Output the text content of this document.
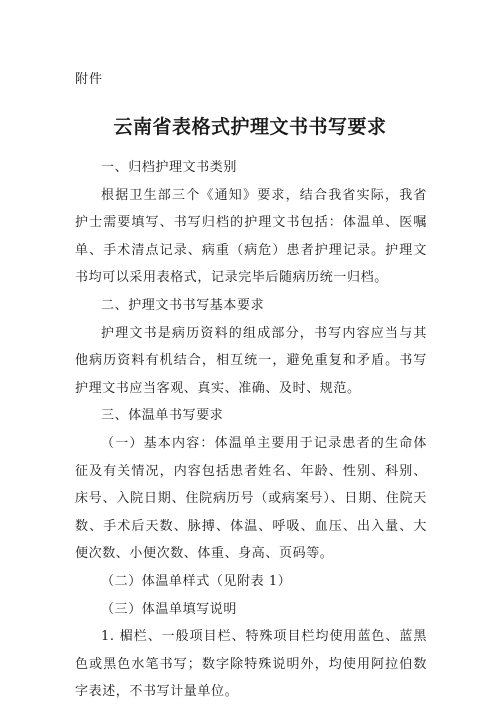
附件
云南省表格式护理文书书写要求

一、归档护理文书类别

根据卫生部三个《通知》要求，结合我省实际，我省护士需要填写、书写归档的护理文书包括：体温单、医嘱单、手术清点记录、病重（病危）患者护理记录。护理文书均可以采用表格式，记录完毕后随病历统一归档。

二、护理文书书写基本要求

护理文书是病历资料的组成部分，书写内容应当与其他病历资料有机结合，相互统一，避免重复和矛盾。书写护理文书应当客观、真实、准确、及时、规范。

三、体温单书写要求

（一）基本内容：体温单主要用于记录患者的生命体征及有关情况，内容包括患者姓名、年龄、性别、科别、床号、入院日期、住院病历号（或病案号）、日期、住院天数、手术后天数、脉搏、体温、呼吸、血压、出入量、大便次数、小便次数、体重、身高、页码等。

（二）体温单样式（见附表 1）

（三）体温单填写说明

1. 楣栏、一般项目栏、特殊项目栏均使用蓝色、蓝黑色或黑色水笔书写；数字除特殊说明外，均使用阿拉伯数字表述，不书写计量单位。
